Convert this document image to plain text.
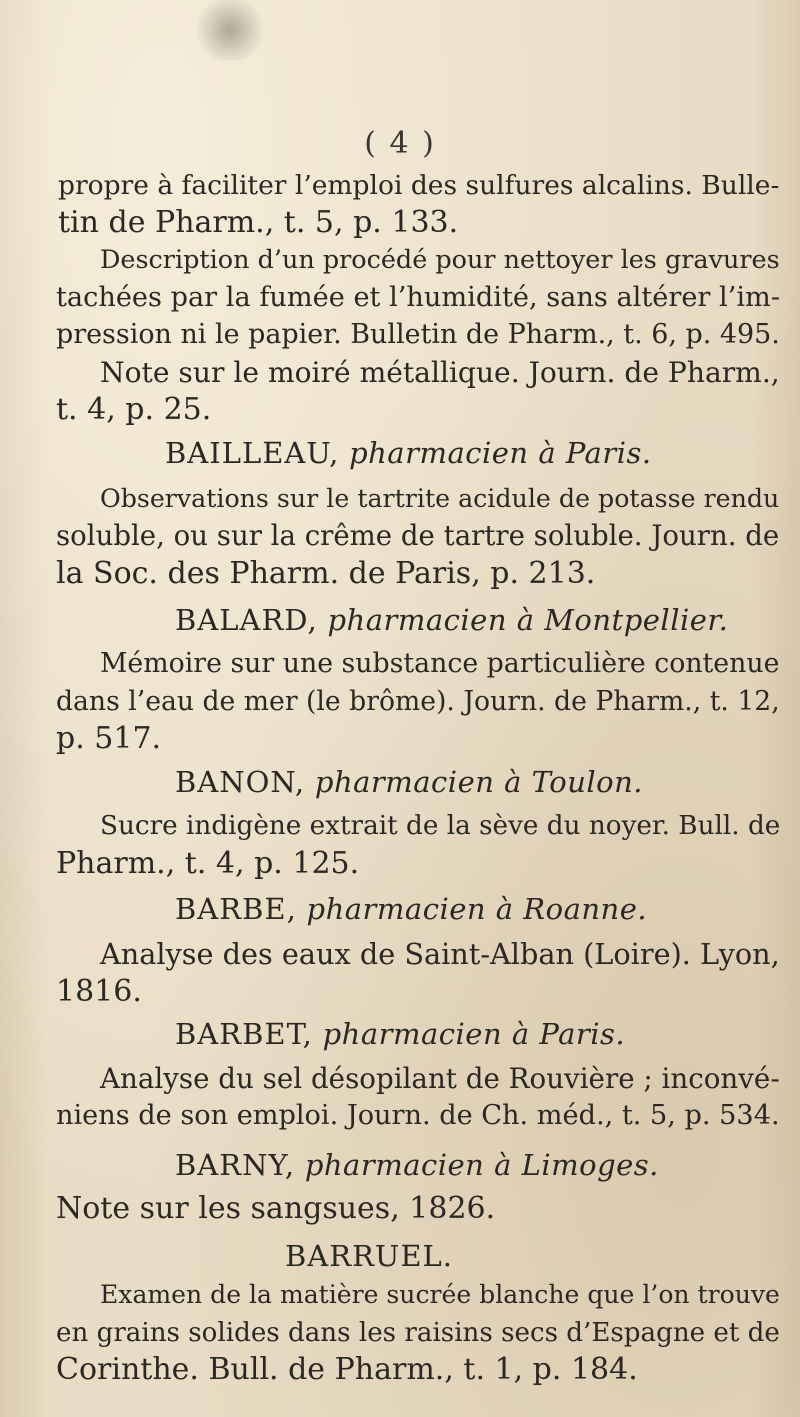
( 4 )
propre à faciliter l’emploi des sulfures alcalins. Bulle-
tin de Pharm., t. 5, p. 133.
Description d’un procédé pour nettoyer les gravures
tachées par la fumée et l’humidité, sans altérer l’im-
pression ni le papier. Bulletin de Pharm., t. 6, p. 495.
Note sur le moiré métallique. Journ. de Pharm.,
t. 4, p. 25.
BAILLEAU, pharmacien à Paris.
Observations sur le tartrite acidule de potasse rendu
soluble, ou sur la crême de tartre soluble. Journ. de
la Soc. des Pharm. de Paris, p. 213.
BALARD, pharmacien à Montpellier.
Mémoire sur une substance particulière contenue
dans l’eau de mer (le brôme). Journ. de Pharm., t. 12,
p. 517.
BANON, pharmacien à Toulon.
Sucre indigène extrait de la sève du noyer. Bull. de
Pharm., t. 4, p. 125.
BARBE, pharmacien à Roanne.
Analyse des eaux de Saint-Alban (Loire). Lyon,
1816.
BARBET, pharmacien à Paris.
Analyse du sel désopilant de Rouvière ; inconvé-
niens de son emploi. Journ. de Ch. méd., t. 5, p. 534.
BARNY, pharmacien à Limoges.
Note sur les sangsues, 1826.
BARRUEL.
Examen de la matière sucrée blanche que l’on trouve
en grains solides dans les raisins secs d’Espagne et de
Corinthe. Bull. de Pharm., t. 1, p. 184.
